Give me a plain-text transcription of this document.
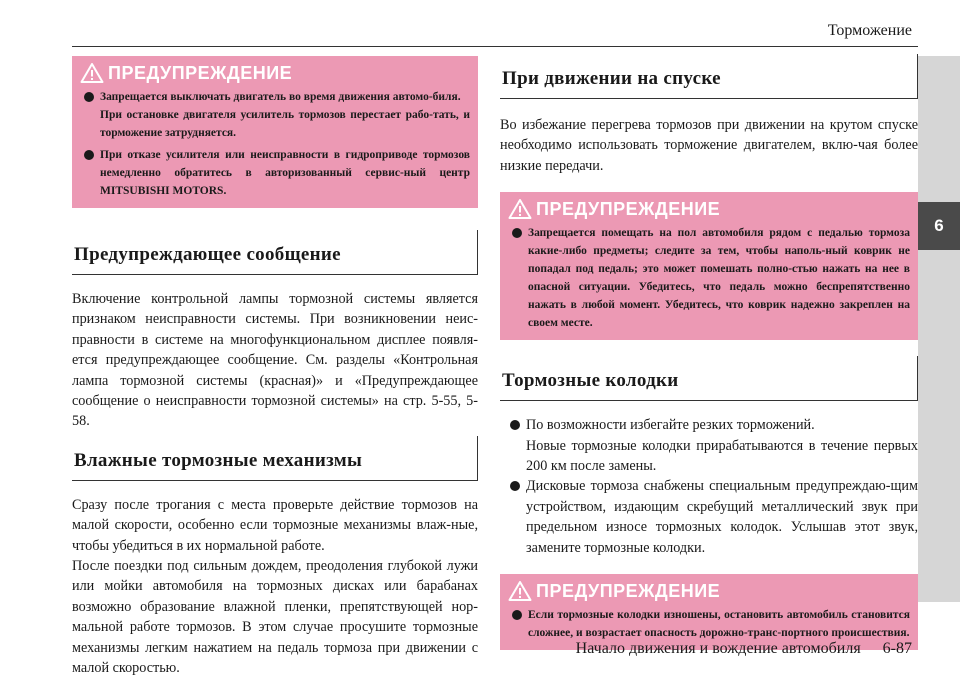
Торможение
6
ПРЕДУПРЕЖДЕНИЕ
Запрещается выключать двигатель во время движения автомо-биля.
При остановке двигателя усилитель тормозов перестает рабо-тать, и торможение затрудняется.
При отказе усилителя или неисправности в гидроприводе тормозов немедленно обратитесь в авторизованный сервис-ный центр MITSUBISHI MOTORS.
Предупреждающее сообщение

Включение контрольной лампы тормозной системы является признаком неисправности системы. При возникновении неис-правности в системе на многофункциональном дисплее появля-ется предупреждающее сообщение. См. разделы «Контрольная лампа тормозной системы (красная)» и «Предупреждающее сообщение о неисправности тормозной системы» на стр. 5-55, 5-58.

Влажные тормозные механизмы

Сразу после трогания с места проверьте действие тормозов на малой скорости, особенно если тормозные механизмы влаж-ные, чтобы убедиться в их нормальной работе.

После поездки под сильным дождем, преодоления глубокой лужи или мойки автомобиля на тормозных дисках или барабанах возможно образование влажной пленки, препятствующей нор-мальной работе тормозов. В этом случае просушите тормозные механизмы легким нажатием на педаль тормоза при движении с малой скоростью.

При движении на спуске

Во избежание перегрева тормозов при движении на крутом спуске необходимо использовать торможение двигателем, вклю-чая более низкие передачи.

ПРЕДУПРЕЖДЕНИЕ
Запрещается помещать на пол автомобиля рядом с педалью тормоза какие-либо предметы; следите за тем, чтобы наполь-ный коврик не попадал под педаль; это может помешать полно-стью нажать на нее в опасной ситуации. Убедитесь, что педаль можно беспрепятственно нажать в любой момент. Убедитесь, что коврик надежно закреплен на своем месте.
Тормозные колодки
По возможности избегайте резких торможений.
Новые тормозные колодки прирабатываются в течение первых 200 км после замены.
Дисковые тормоза снабжены специальным предупреждаю-щим устройством, издающим скребущий металлический звук при предельном износе тормозных колодок. Услышав этот звук, замените тормозные колодки.
ПРЕДУПРЕЖДЕНИЕ
Если тормозные колодки изношены, остановить автомобиль становится сложнее, и возрастает опасность дорожно-транс-портного происшествия.
Начало движения и вождение автомобиля 6-87
